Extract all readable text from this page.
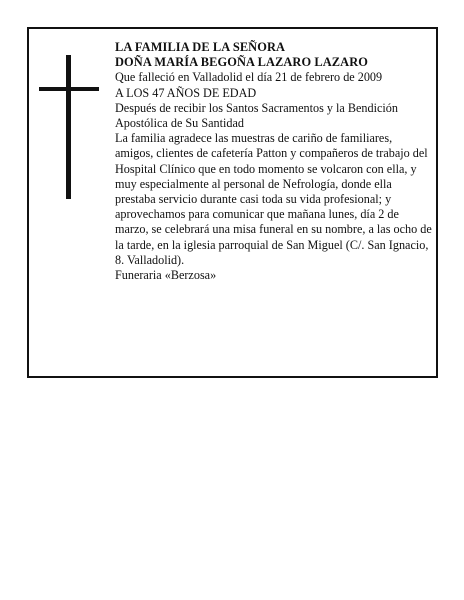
LA FAMILIA DE LA SEÑORA

DOÑA MARÍA BEGOÑA LAZARO LAZARO

Que falleció en Valladolid el día 21 de febrero de 2009

A LOS 47 AÑOS DE EDAD

Después de recibir los Santos Sacramentos y la Bendición Apostólica de Su Santidad

La familia agradece las muestras de cariño de familiares, amigos, clientes de cafetería Patton y compañeros de trabajo del Hospital Clínico que en todo momento se volcaron con ella, y muy especialmente al personal de Nefrología, donde ella prestaba servicio durante casi toda su vida profesional; y aprovechamos para comunicar que mañana lunes, día 2 de marzo, se celebrará una misa funeral en su nombre, a las ocho de la tarde, en la iglesia parroquial de San Miguel (C/. San Ignacio, 8. Valladolid).

Funeraria «Berzosa»
